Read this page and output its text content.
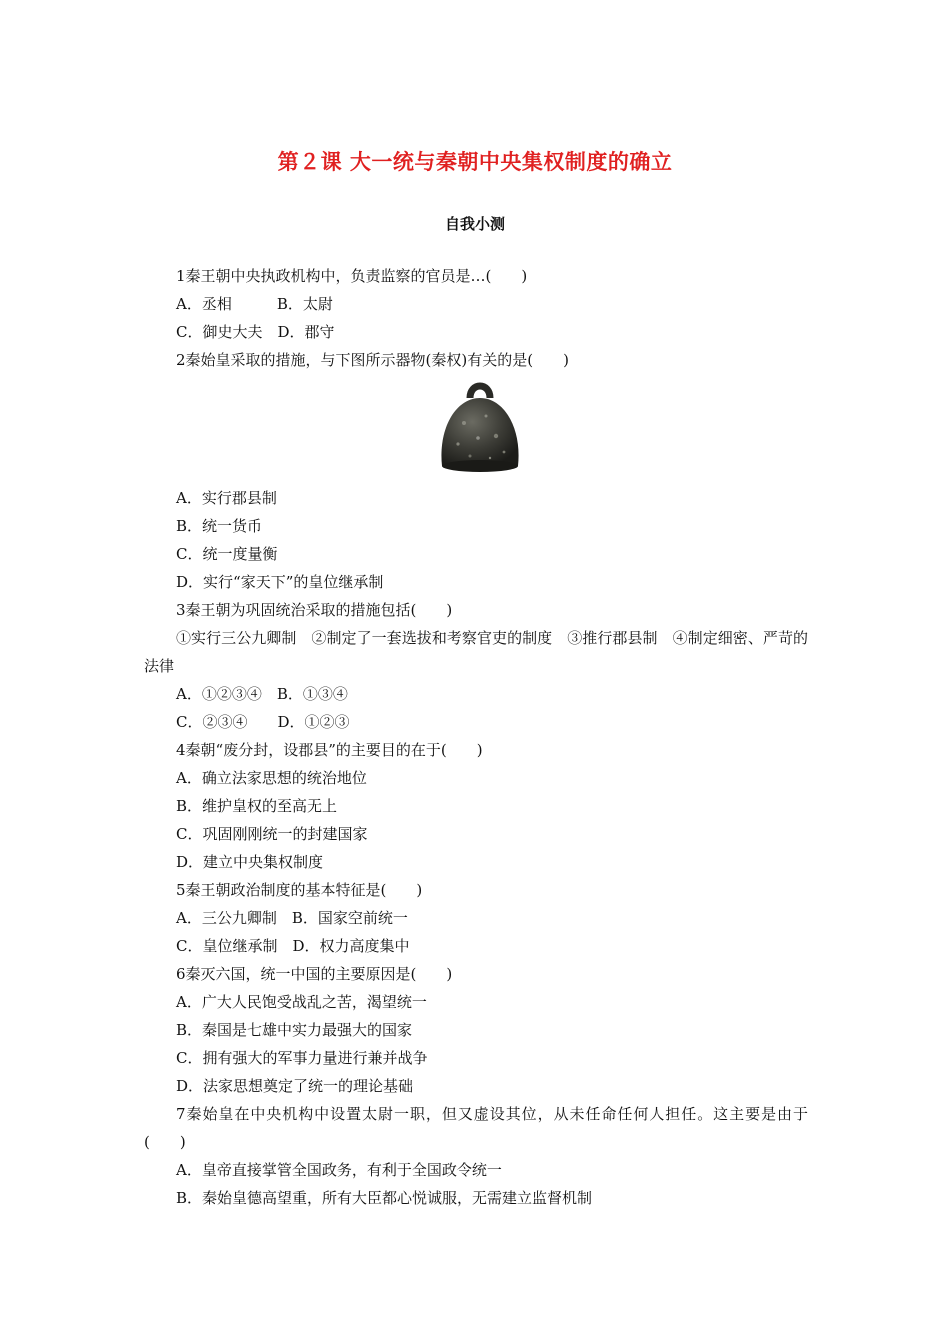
第２课 大一统与秦朝中央集权制度的确立
自我小测
1秦王朝中央执政机构中，负责监察的官员是…(　　)
A．丞相　　　B．太尉
C．御史大夫　D．郡守
2秦始皇采取的措施，与下图所示器物(秦权)有关的是(　　)
A．实行郡县制
B．统一货币
C．统一度量衡
D．实行“家天下”的皇位继承制
3秦王朝为巩固统治采取的措施包括(　　)
①实行三公九卿制　②制定了一套选拔和考察官吏的制度　③推行郡县制　④制定细密、严苛的法律
A．①②③④　B．①③④
C．②③④　　D．①②③
4秦朝“废分封，设郡县”的主要目的在于(　　)
A．确立法家思想的统治地位
B．维护皇权的至高无上
C．巩固刚刚统一的封建国家
D．建立中央集权制度
5秦王朝政治制度的基本特征是(　　)
A．三公九卿制　B．国家空前统一
C．皇位继承制　D．权力高度集中
6秦灭六国，统一中国的主要原因是(　　)
A．广大人民饱受战乱之苦，渴望统一
B．秦国是七雄中实力最强大的国家
C．拥有强大的军事力量进行兼并战争
D．法家思想奠定了统一的理论基础
7秦始皇在中央机构中设置太尉一职，但又虚设其位，从未任命任何人担任。这主要是由于(　　)
A．皇帝直接掌管全国政务，有利于全国政令统一
B．秦始皇德高望重，所有大臣都心悦诚服，无需建立监督机制
